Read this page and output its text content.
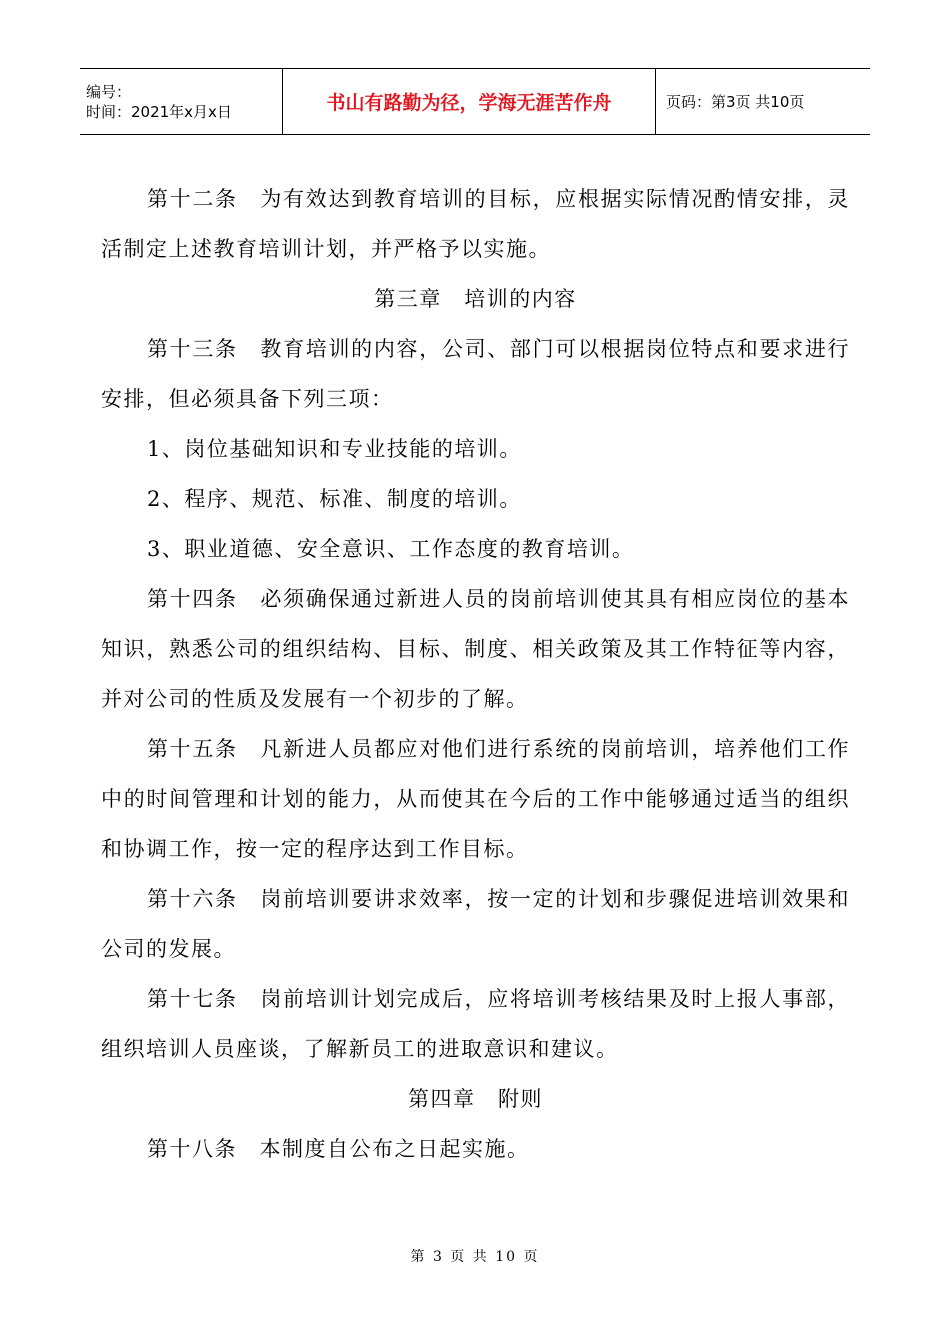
编号：
时间：2021年x月x日	书山有路勤为径，学海无涯苦作舟	页码：第3页 共10页

第十二条　为有效达到教育培训的目标，应根据实际情况酌情安排，灵活制定上述教育培训计划，并严格予以实施。

第三章　培训的内容

第十三条　教育培训的内容，公司、部门可以根据岗位特点和要求进行安排，但必须具备下列三项：

1、岗位基础知识和专业技能的培训。

2、程序、规范、标准、制度的培训。

3、职业道德、安全意识、工作态度的教育培训。

第十四条　必须确保通过新进人员的岗前培训使其具有相应岗位的基本知识，熟悉公司的组织结构、目标、制度、相关政策及其工作特征等内容，并对公司的性质及发展有一个初步的了解。

第十五条　凡新进人员都应对他们进行系统的岗前培训，培养他们工作中的时间管理和计划的能力，从而使其在今后的工作中能够通过适当的组织和协调工作，按一定的程序达到工作目标。

第十六条　岗前培训要讲求效率，按一定的计划和步骤促进培训效果和公司的发展。

第十七条　岗前培训计划完成后，应将培训考核结果及时上报人事部，组织培训人员座谈，了解新员工的进取意识和建议。

第四章　附则

第十八条　本制度自公布之日起实施。

第 3 页 共 10 页
